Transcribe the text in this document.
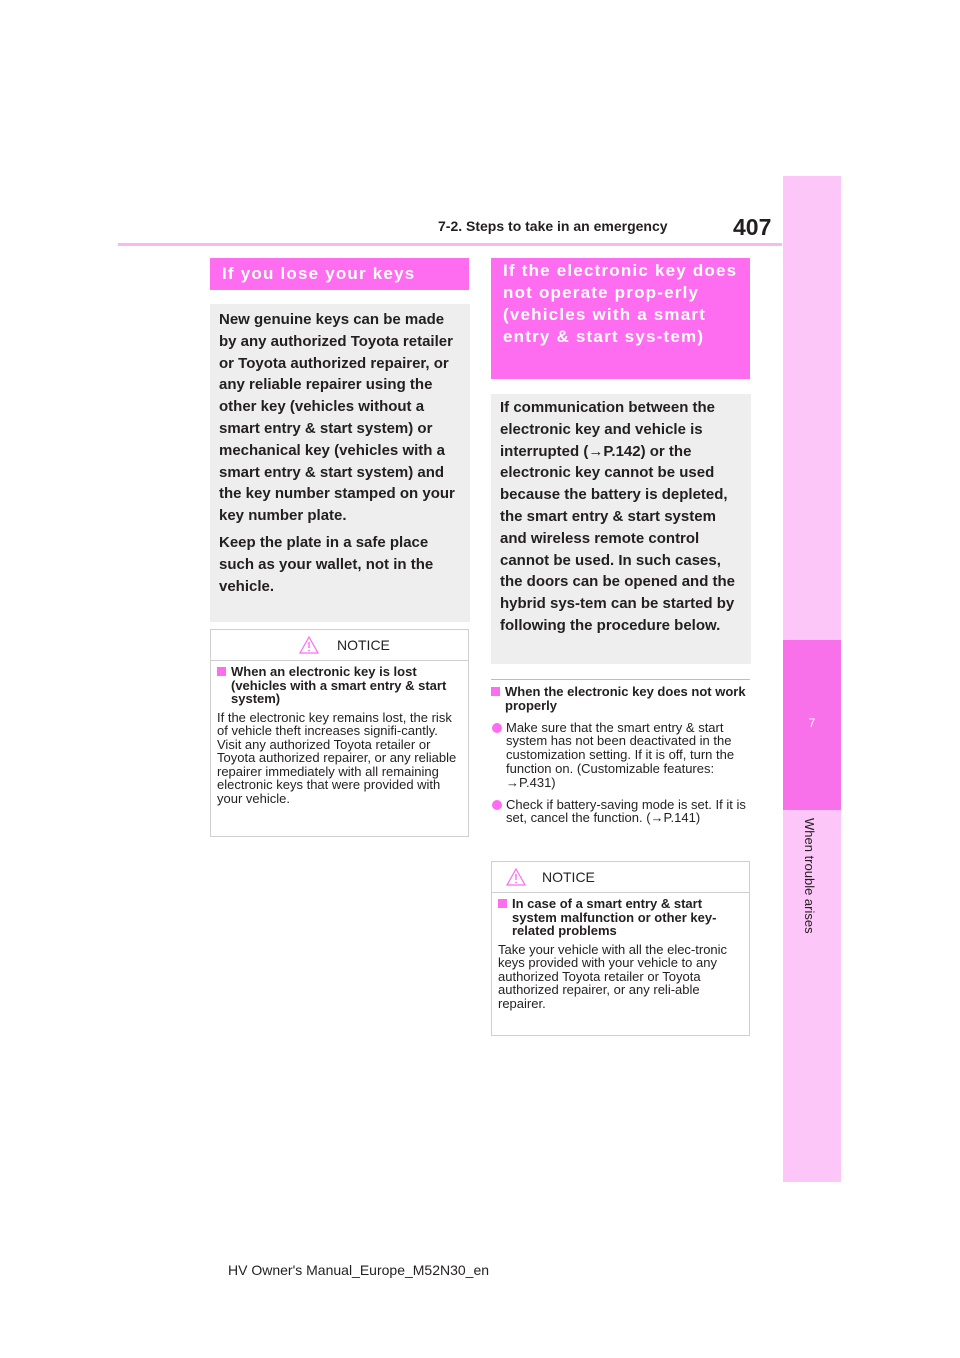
7-2. Steps to take in an emergency	407
7
When trouble arises
If you lose your keys

New genuine keys can be made by any authorized Toyota retailer or Toyota authorized repairer, or any reliable repairer using the other key (vehicles without a smart entry & start system) or mechanical key (vehicles with a smart entry & start system) and the key number stamped on your key number plate.

Keep the plate in a safe place such as your wallet, not in the vehicle.

NOTICE
When an electronic key is lost (vehicles with a smart entry & start system)
If the electronic key remains lost, the risk of vehicle theft increases signifi-cantly. Visit any authorized Toyota retailer or Toyota authorized repairer, or any reliable repairer immediately with all remaining electronic keys that were provided with your vehicle.
If the electronic key does not operate prop-erly (vehicles with a smart entry & start sys-tem)

If communication between the electronic key and vehicle is interrupted (→P.142) or the electronic key cannot be used because the battery is depleted, the smart entry & start system and wireless remote control cannot be used. In such cases, the doors can be opened and the hybrid sys-tem can be started by following the procedure below.

When the electronic key does not work properly
Make sure that the smart entry & start system has not been deactivated in the customization setting. If it is off, turn the function on. (Customizable features: →P.431)
Check if battery-saving mode is set. If it is set, cancel the function. (→P.141)
NOTICE
In case of a smart entry & start system malfunction or other key-related problems
Take your vehicle with all the elec-tronic keys provided with your vehicle to any authorized Toyota retailer or Toyota authorized repairer, or any reli-able repairer.
HV Owner's Manual_Europe_M52N30_en
